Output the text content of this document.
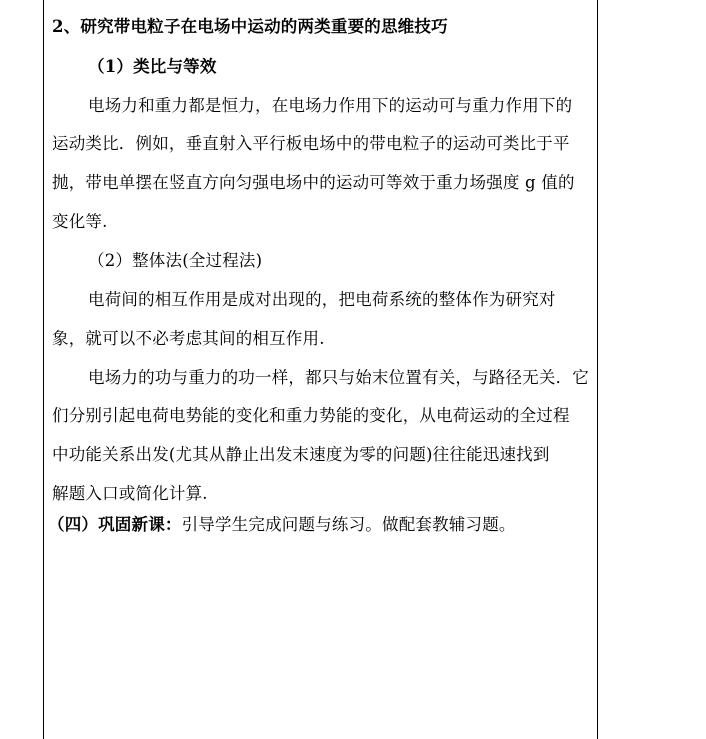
2、研究带电粒子在电场中运动的两类重要的思维技巧
（1）类比与等效
电场力和重力都是恒力，在电场力作用下的运动可与重力作用下的
运动类比．例如，垂直射入平行板电场中的带电粒子的运动可类比于平
抛，带电单摆在竖直方向匀强电场中的运动可等效于重力场强度 g 值的
变化等.
（2）整体法(全过程法)
电荷间的相互作用是成对出现的，把电荷系统的整体作为研究对
象，就可以不必考虑其间的相互作用.
电场力的功与重力的功一样，都只与始末位置有关，与路径无关．它
们分别引起电荷电势能的变化和重力势能的变化，从电荷运动的全过程
中功能关系出发(尤其从静止出发末速度为零的问题)往往能迅速找到
解题入口或简化计算.
（四）巩固新课：引导学生完成问题与练习。做配套教辅习题。
